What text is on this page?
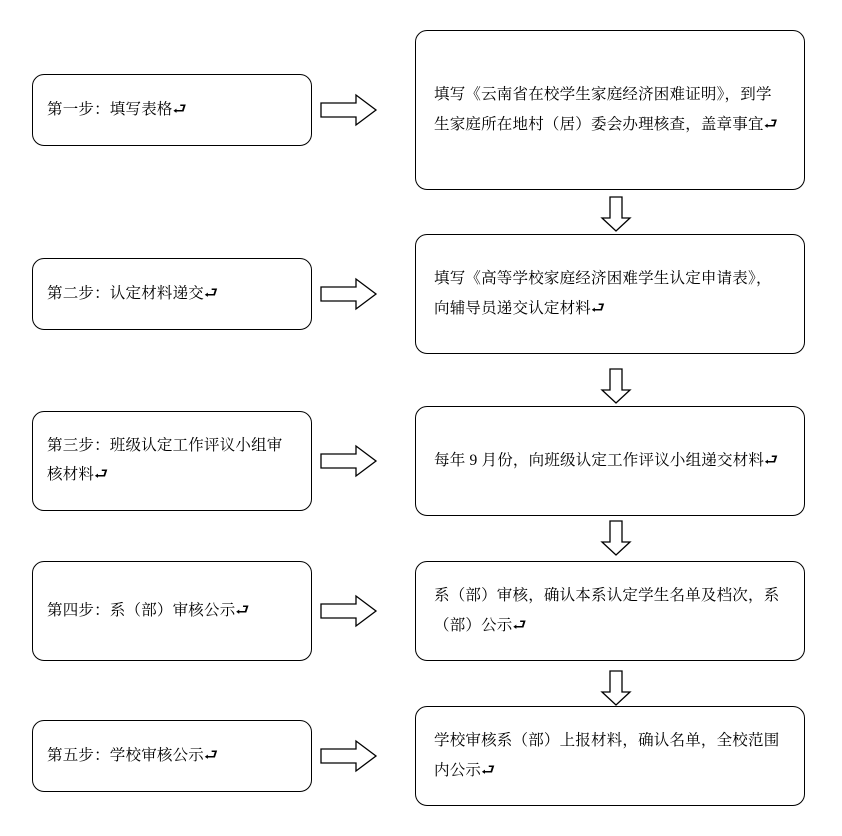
第一步：填写表格⮐
填写《云南省在校学生家庭经济困难证明》，到学生家庭所在地村（居）委会办理核查，盖章事宜⮐
第二步：认定材料递交⮐
填写《高等学校家庭经济困难学生认定申请表》，向辅导员递交认定材料⮐
第三步：班级认定工作评议小组审核材料⮐
每年 9 月份，向班级认定工作评议小组递交材料⮐
第四步：系（部）审核公示⮐
系（部）审核，确认本系认定学生名单及档次，系（部）公示⮐
第五步：学校审核公示⮐
学校审核系（部）上报材料，确认名单，全校范围内公示⮐
